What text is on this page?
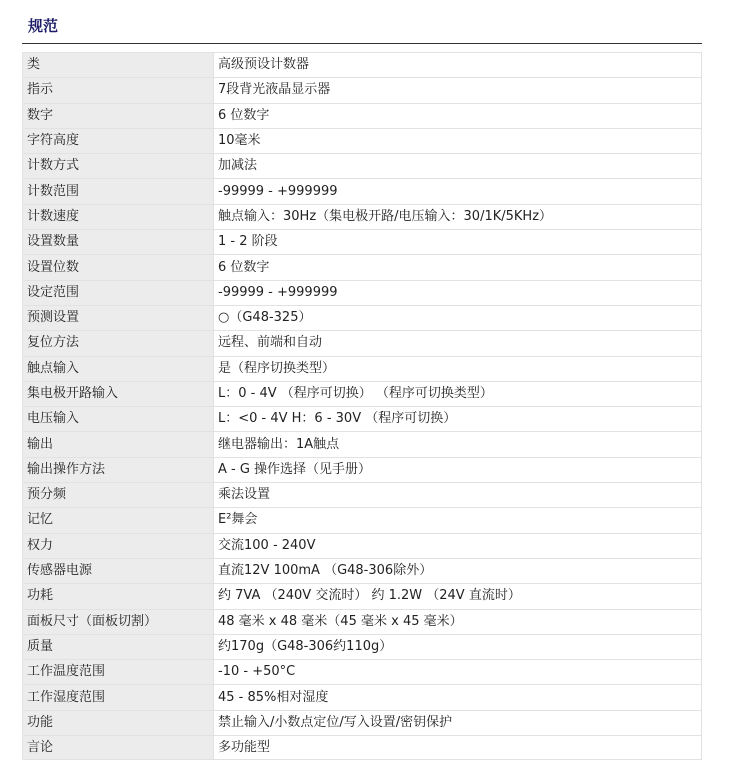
规范
类	高级预设计数器
指示	7段背光液晶显示器
数字	6 位数字
字符高度	10毫米
计数方式	加减法
计数范围	-99999 - +999999
计数速度	触点输入：30Hz（集电极开路/电压输入：30/1K/5KHz）
设置数量	1 - 2 阶段
设置位数	6 位数字
设定范围	-99999 - +999999
预测设置	○（G48-325）
复位方法	远程、前端和自动
触点输入	是（程序切换类型）
集电极开路输入	L：0 - 4V （程序可切换） （程序可切换类型）
电压输入	L：<0 - 4V H：6 - 30V （程序可切换）
输出	继电器输出：1A触点
输出操作方法	A - G 操作选择（见手册）
预分频	乘法设置
记忆	E²舞会
权力	交流100 - 240V
传感器电源	直流12V 100mA （G48-306除外）
功耗	约 7VA （240V 交流时） 约 1.2W （24V 直流时）
面板尺寸（面板切割）	48 毫米 x 48 毫米（45 毫米 x 45 毫米）
质量	约170g（G48-306约110g）
工作温度范围	-10 - +50°C
工作湿度范围	45 - 85%相对湿度
功能	禁止输入/小数点定位/写入设置/密钥保护
言论	多功能型
